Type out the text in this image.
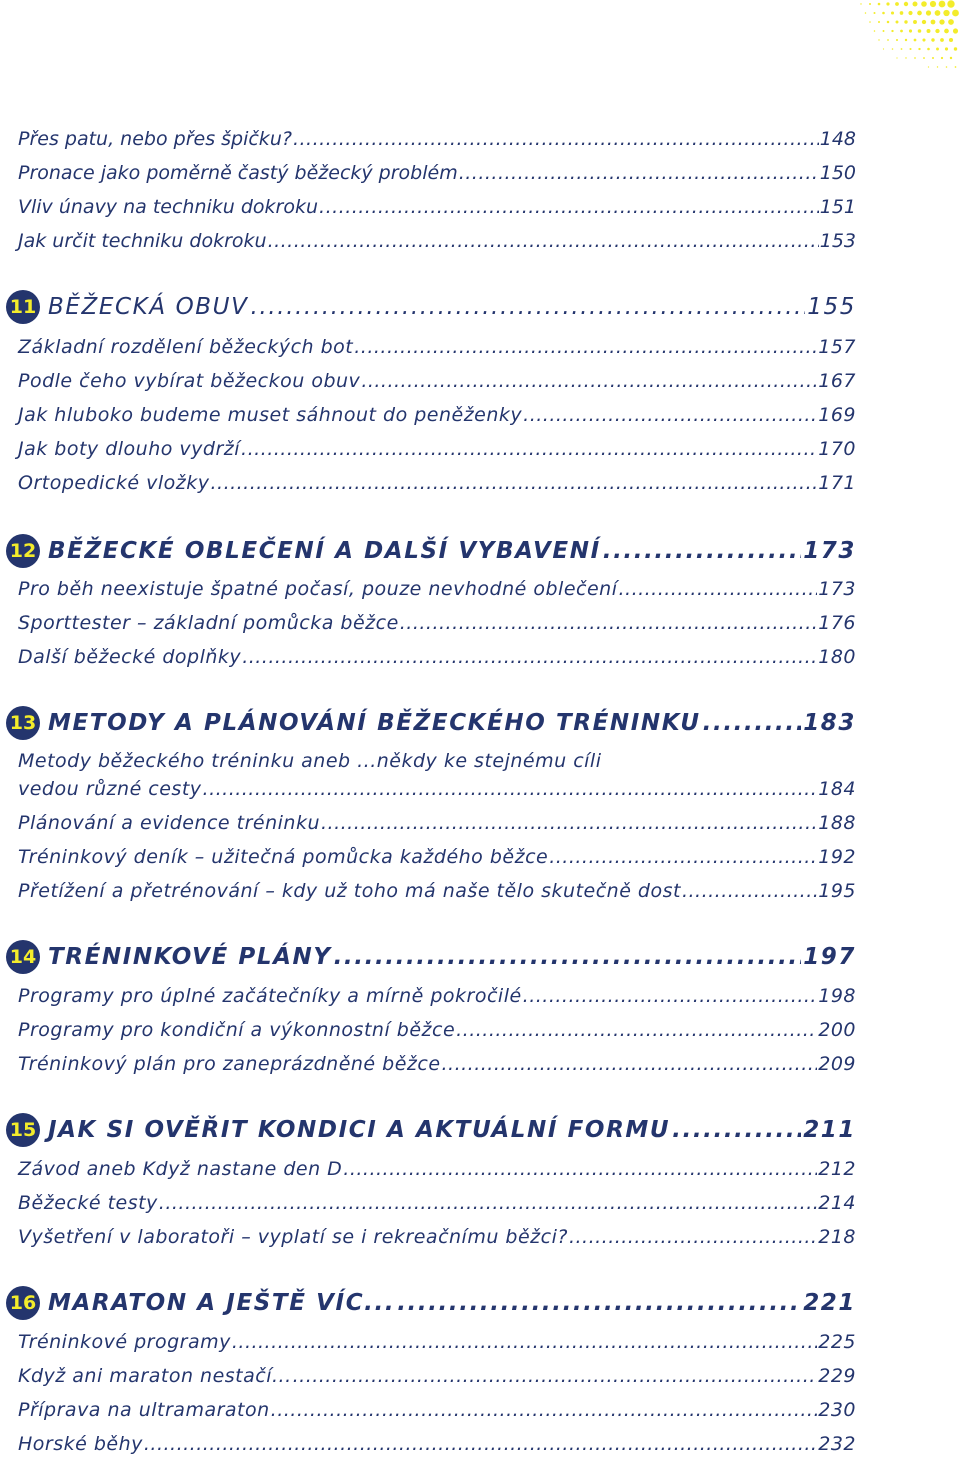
Přes patu, nebo přes špičku? .....	148
Pronace jako poměrně častý běžecký problém .....	150
Vliv únavy na techniku dokroku .....	151
Jak určit techniku dokroku .....	153
11 BĚŽECKÁ OBUV .....	155
Základní rozdělení běžeckých bot .....	157
Podle čeho vybírat běžeckou obuv .....	167
Jak hluboko budeme muset sáhnout do peněženky .....	169
Jak boty dlouho vydrží .....	170
Ortopedické vložky .....	171
12 BĚŽECKÉ OBLEČENÍ A DALŠÍ VYBAVENÍ .....	173
Pro běh neexistuje špatné počasí, pouze nevhodné oblečení .....	173
Sporttester – základní pomůcka běžce .....	176
Další běžecké doplňky .....	180
13 METODY A PLÁNOVÁNÍ BĚŽECKÉHO TRÉNINKU .....	183
Metody běžeckého tréninku aneb ...někdy ke stejnému cíli
vedou různé cesty .....	184
Plánování a evidence tréninku .....	188
Tréninkový deník – užitečná pomůcka každého běžce .....	192
Přetížení a přetrénování – kdy už toho má naše tělo skutečně dost .....	195
14 TRÉNINKOVÉ PLÁNY .....	197
Programy pro úplné začátečníky a mírně pokročilé .....	198
Programy pro kondiční a výkonnostní běžce .....	200
Tréninkový plán pro zaneprázdněné běžce .....	209
15 JAK SI OVĚŘIT KONDICI A AKTUÁLNÍ FORMU .....	211
Závod aneb Když nastane den D .....	212
Běžecké testy .....	214
Vyšetření v laboratoři – vyplatí se i rekreačnímu běžci? .....	218
16 MARATON A JEŠTĚ VÍC... .....	221
Tréninkové programy .....	225
Když ani maraton nestačí... .....	229
Příprava na ultramaraton .....	230
Horské běhy .....	232
